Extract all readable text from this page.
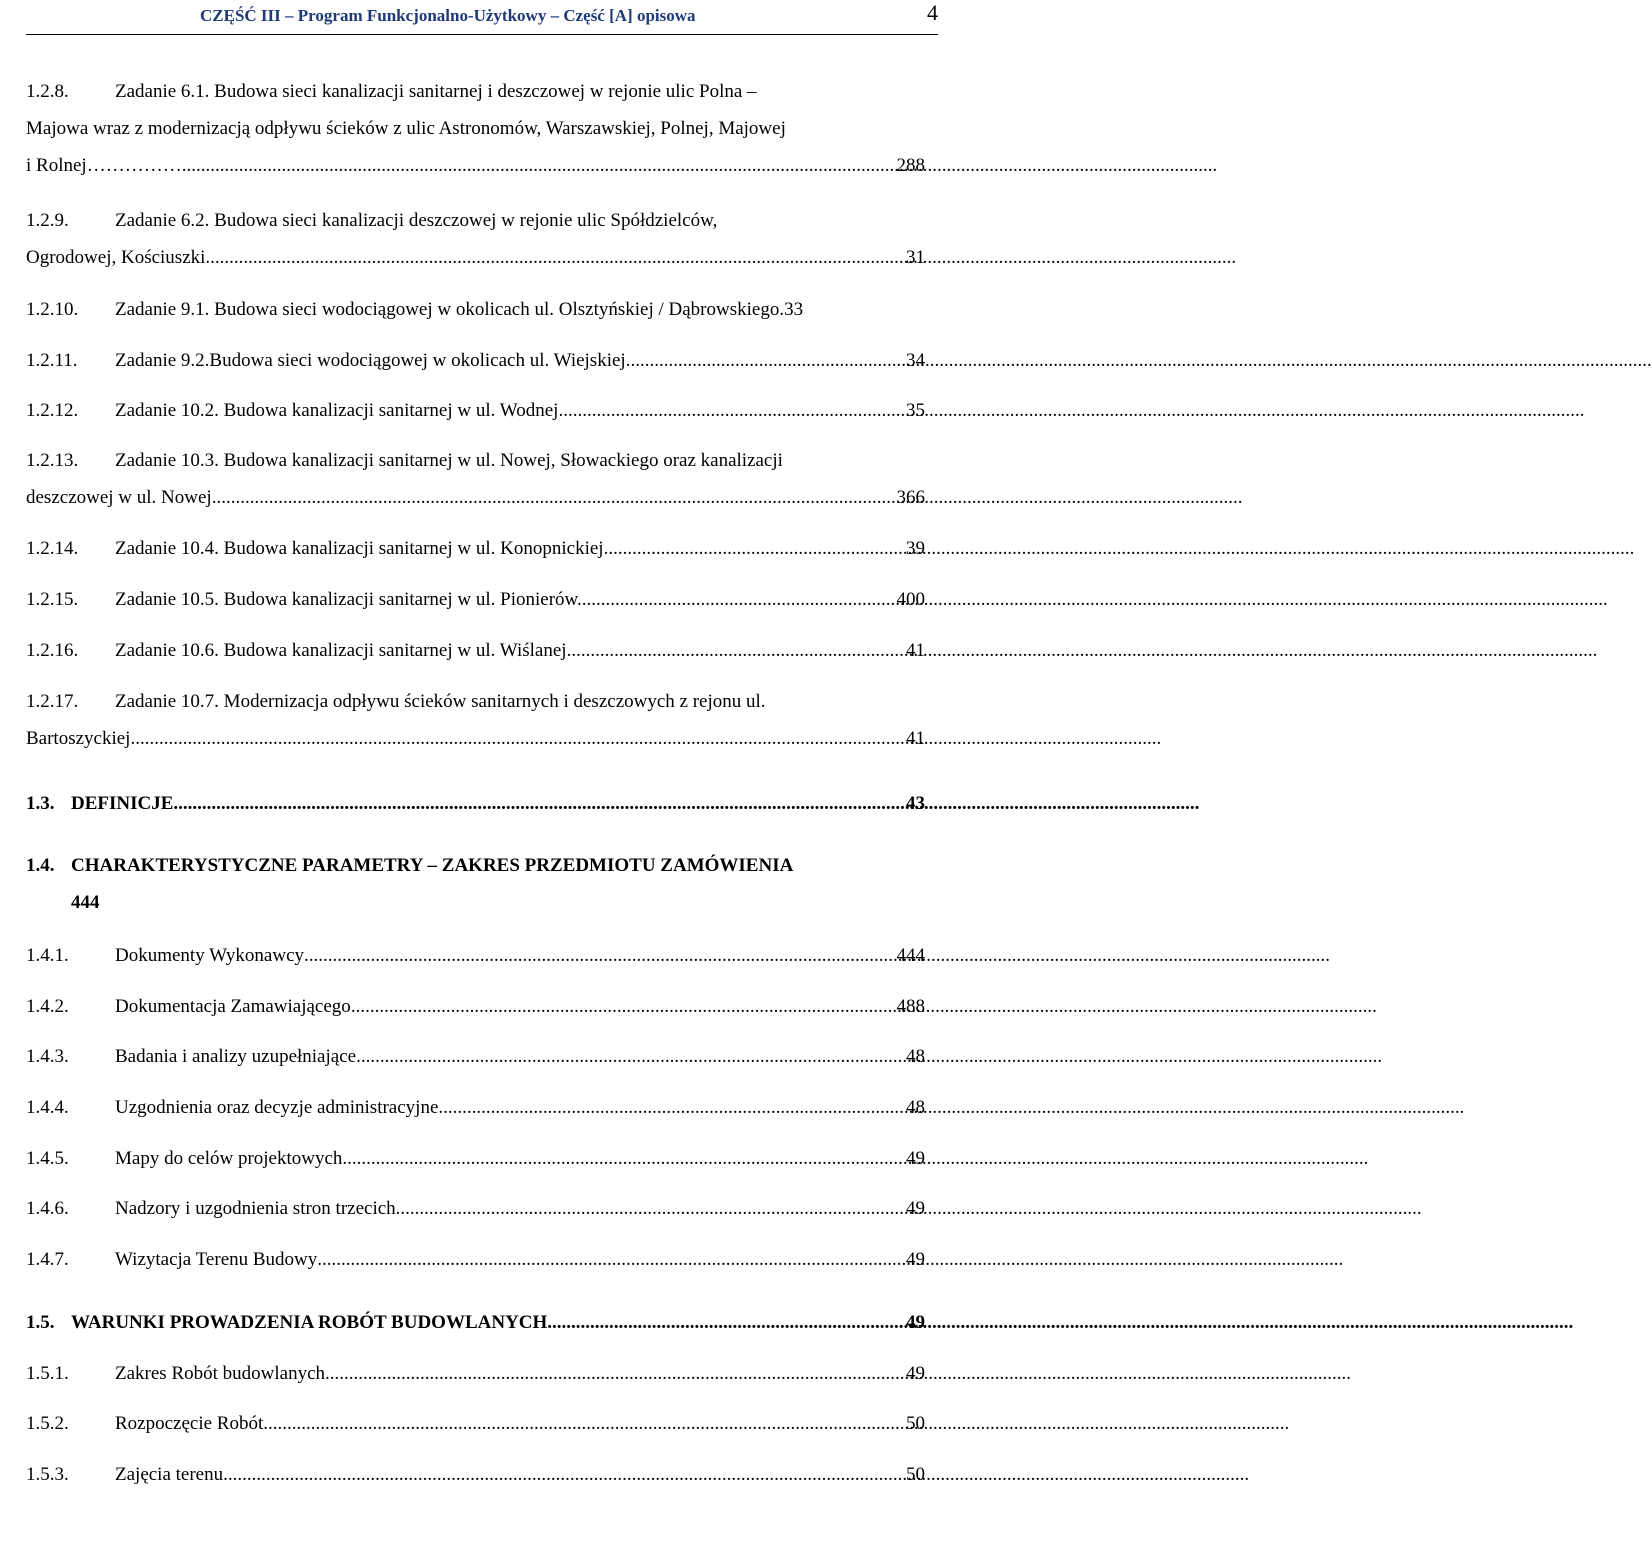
CZĘŚĆ III – Program Funkcjonalno-Użytkowy – Część [A] opisowa	4
1.2.8.	Zadanie 6.1. Budowa sieci kanalizacji sanitarnej i deszczowej w rejonie ulic Polna –
Majowa wraz z modernizacją odpływu ścieków z ulic Astronomów, Warszawskiej, Polnej, Majowej
i Rolnej…………….. .....	288
1.2.9.	Zadanie 6.2. Budowa sieci kanalizacji deszczowej w rejonie ulic Spółdzielców,
Ogrodowej, Kościuszki. .....	31
1.2.10.	Zadanie 9.1. Budowa sieci wodociągowej w okolicach ul. Olsztyńskiej / Dąbrowskiego. 33
1.2.11.	Zadanie 9.2.Budowa sieci wodociągowej w okolicach ul. Wiejskiej .....	34
1.2.12.	Zadanie 10.2. Budowa kanalizacji sanitarnej w ul. Wodnej .....	35
1.2.13.	Zadanie 10.3. Budowa kanalizacji sanitarnej w ul. Nowej, Słowackiego oraz kanalizacji
deszczowej w ul. Nowej. .....	366
1.2.14.	Zadanie 10.4. Budowa kanalizacji sanitarnej w ul. Konopnickiej. .....	39
1.2.15.	Zadanie 10.5. Budowa kanalizacji sanitarnej w ul. Pionierów. .....	400
1.2.16.	Zadanie 10.6. Budowa kanalizacji sanitarnej w ul. Wiślanej. .....	41
1.2.17.	Zadanie 10.7. Modernizacja odpływu ścieków sanitarnych i deszczowych z rejonu ul.
Bartoszyckiej. .....	41
1.3. DEFINICJE .....	43
1.4. CHARAKTERYSTYCZNE PARAMETRY – ZAKRES PRZEDMIOTU ZAMÓWIENIA
444
1.4.1.	Dokumenty Wykonawcy .....	444
1.4.2.	Dokumentacja Zamawiającego .....	488
1.4.3.	Badania i analizy uzupełniające .....	48
1.4.4.	Uzgodnienia oraz decyzje administracyjne .....	48
1.4.5.	Mapy do celów projektowych .....	49
1.4.6.	Nadzory i uzgodnienia stron trzecich .....	49
1.4.7.	Wizytacja Terenu Budowy .....	49
1.5. WARUNKI PROWADZENIA ROBÓT BUDOWLANYCH .....	49
1.5.1.	Zakres Robót budowlanych .....	49
1.5.2.	Rozpoczęcie Robót .....	50
1.5.3.	Zajęcia terenu .....	50
